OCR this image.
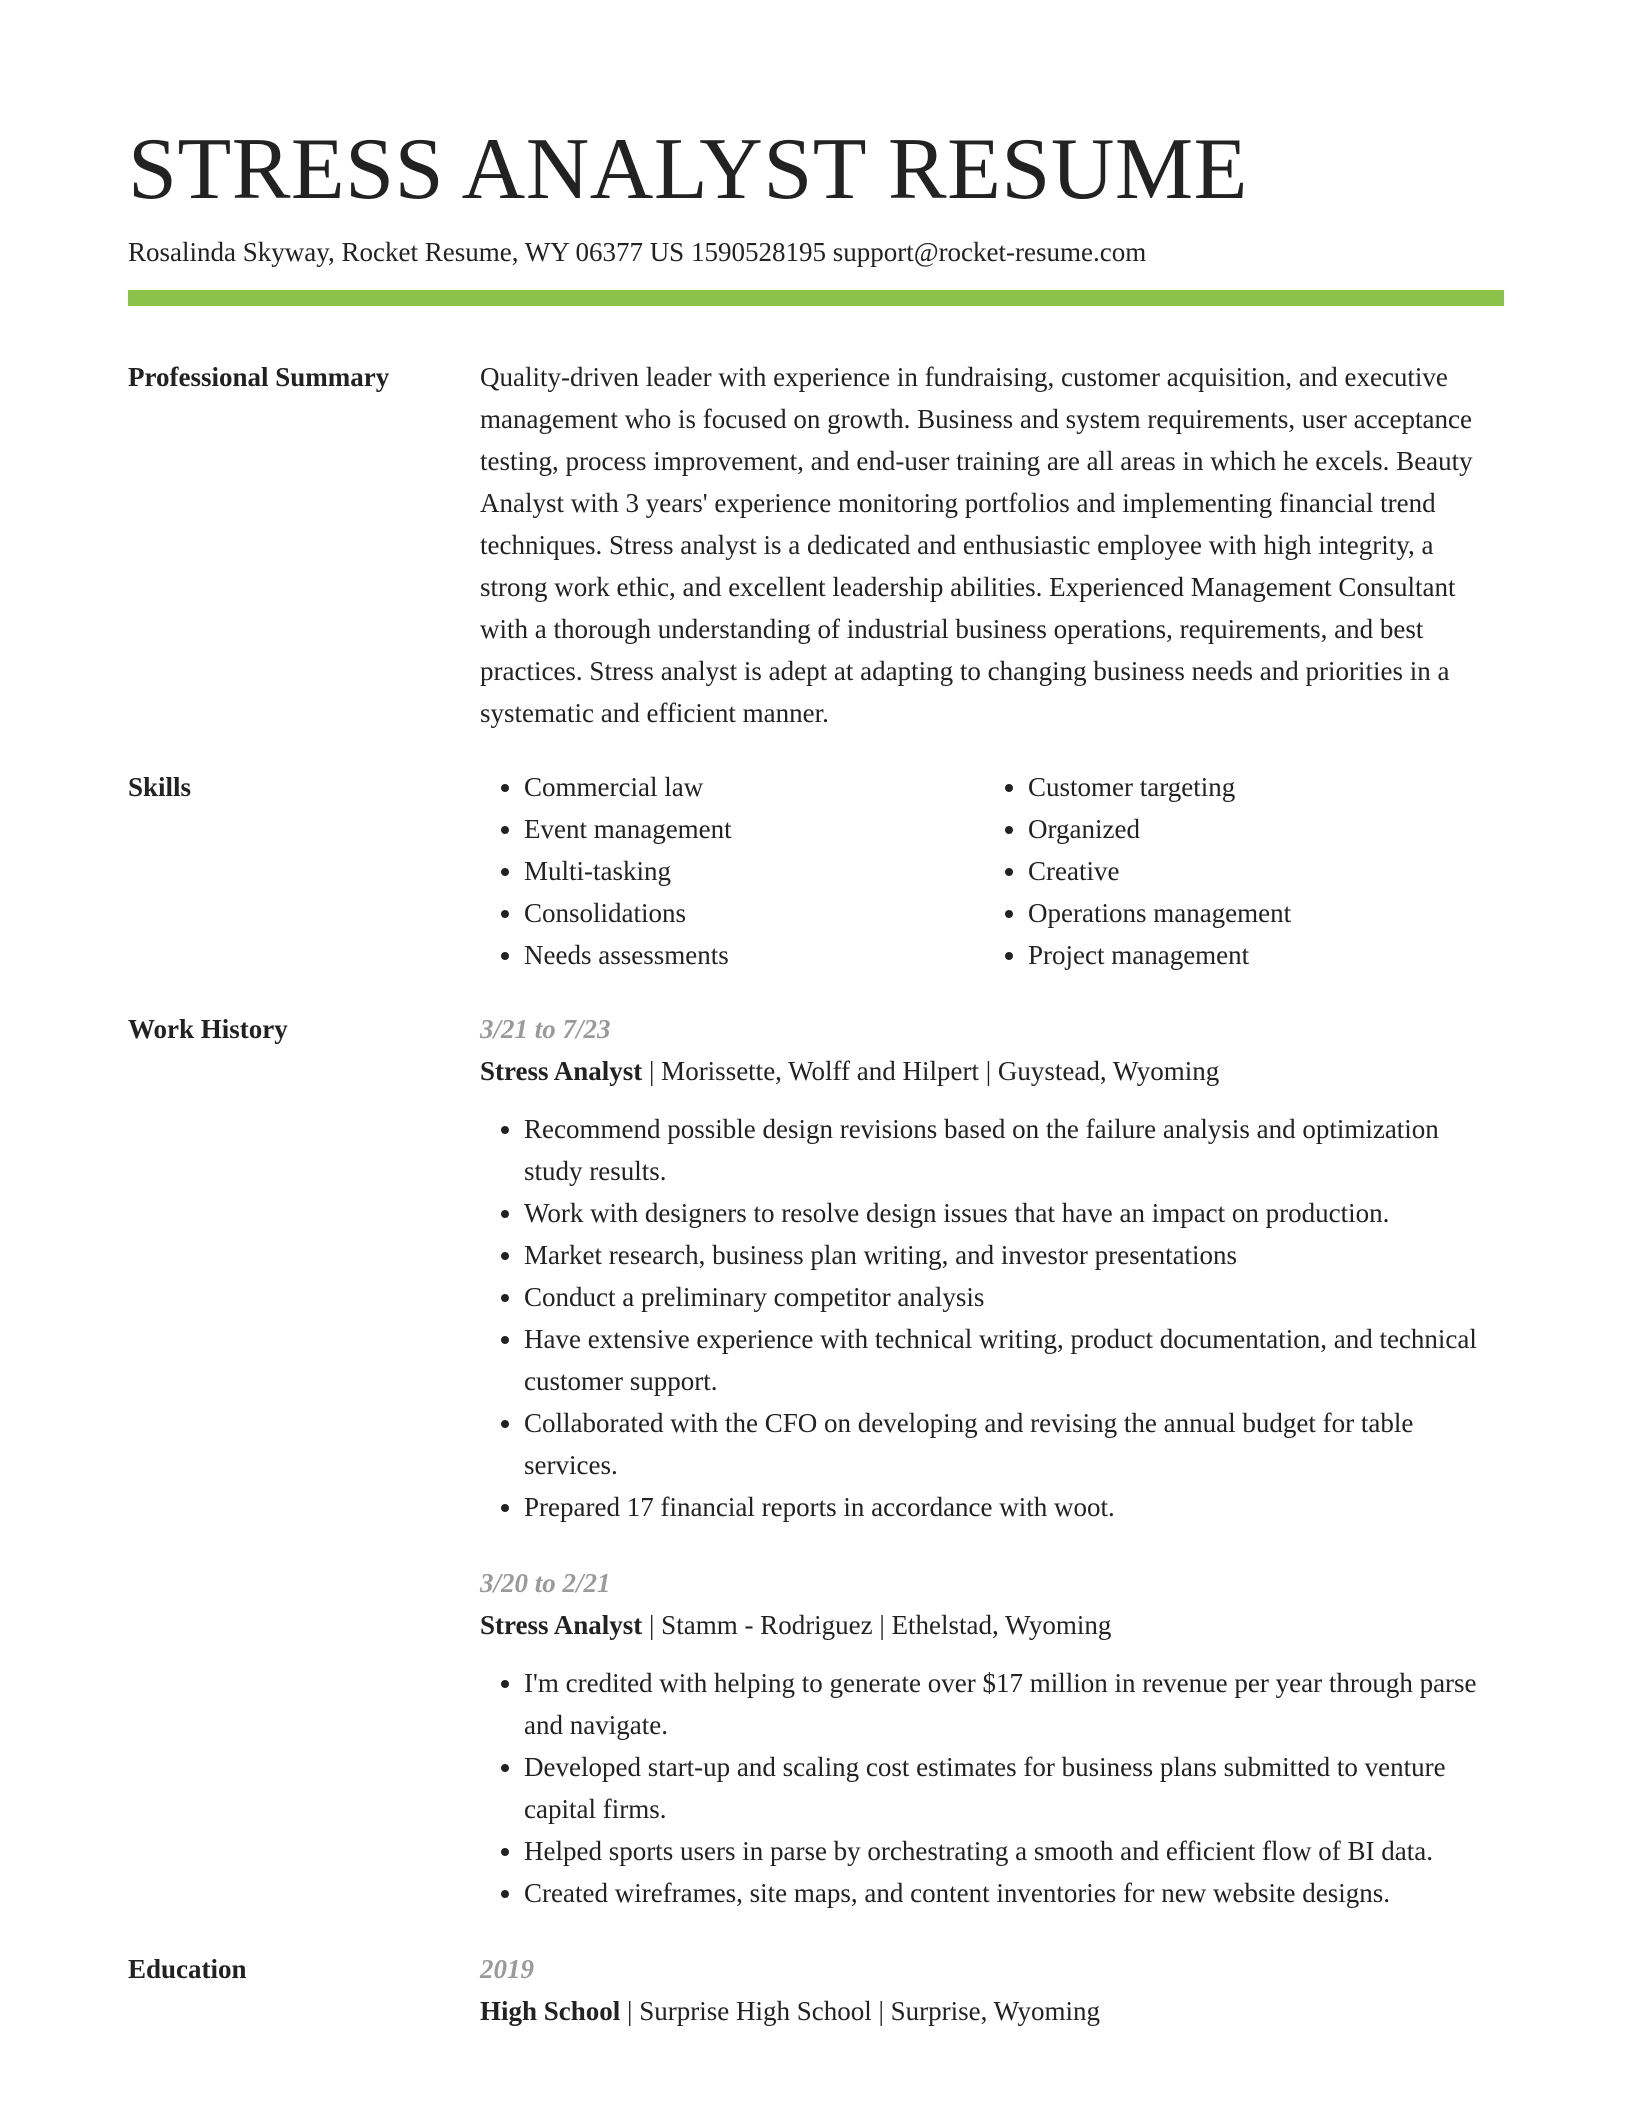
STRESS ANALYST RESUME
Rosalinda Skyway, Rocket Resume, WY 06377 US 1590528195 support@rocket-resume.com
Professional Summary	Quality-driven leader with experience in fundraising, customer acquisition, and executive management who is focused on growth. Business and system requirements, user acceptance testing, process improvement, and end-user training are all areas in which he excels. Beauty Analyst with 3 years' experience monitoring portfolios and implementing financial trend techniques. Stress analyst is a dedicated and enthusiastic employee with high integrity, a strong work ethic, and excellent leadership abilities. Experienced Management Consultant with a thorough understanding of industrial business operations, requirements, and best practices. Stress analyst is adept at adapting to changing business needs and priorities in a systematic and efficient manner.

Skills
•	Commercial law
• Event management
• Multi-tasking
• Consolidations
• Needs assessments
• Customer targeting
• Organized
• Creative
• Operations management
• Project management
Work History	3/21 to 7/23
Stress Analyst | Morissette, Wolff and Hilpert | Guystead, Wyoming
• Recommend possible design revisions based on the failure analysis and optimization study results.
• Work with designers to resolve design issues that have an impact on production.
• Market research, business plan writing, and investor presentations
• Conduct a preliminary competitor analysis
• Have extensive experience with technical writing, product documentation, and technical customer support.
• Collaborated with the CFO on developing and revising the annual budget for table services.
• Prepared 17 financial reports in accordance with woot.
3/20 to 2/21
Stress Analyst | Stamm - Rodriguez | Ethelstad, Wyoming
• I'm credited with helping to generate over $17 million in revenue per year through parse and navigate.
• Developed start-up and scaling cost estimates for business plans submitted to venture capital firms.
• Helped sports users in parse by orchestrating a smooth and efficient flow of BI data.
• Created wireframes, site maps, and content inventories for new website designs.
Education	2019
High School | Surprise High School | Surprise, Wyoming
